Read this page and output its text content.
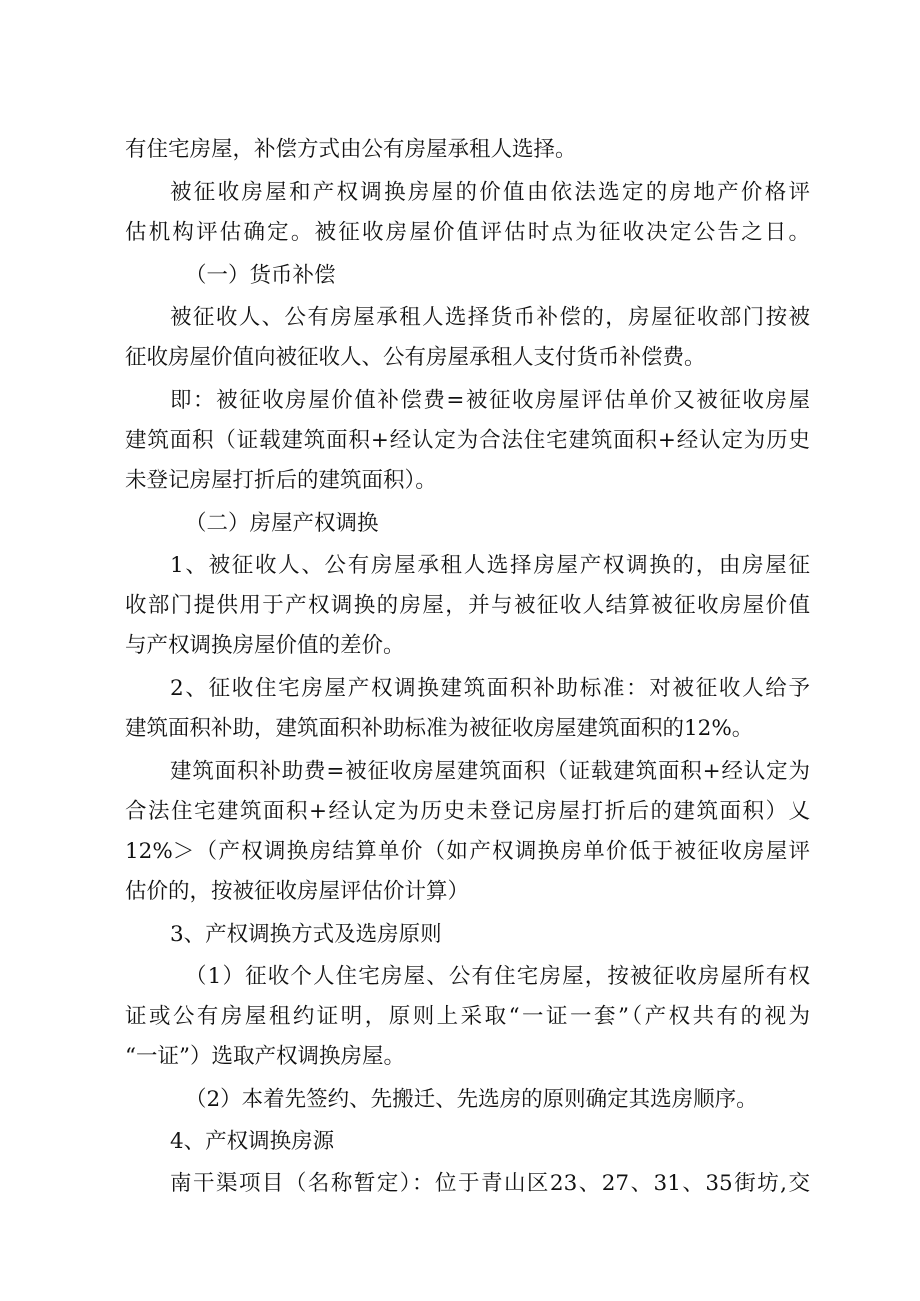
有住宅房屋，补偿方式由公有房屋承租人选择。
被征收房屋和产权调换房屋的价值由依法选定的房地产价格评
估机构评估确定。被征收房屋价值评估时点为征收决定公告之日。
（一）货币补偿
被征收人、公有房屋承租人选择货币补偿的，房屋征收部门按被
征收房屋价值向被征收人、公有房屋承租人支付货币补偿费。
即：被征收房屋价值补偿费=被征收房屋评估单价又被征收房屋
建筑面积（证载建筑面积+经认定为合法住宅建筑面积+经认定为历史
未登记房屋打折后的建筑面积）。
（二）房屋产权调换
1、被征收人、公有房屋承租人选择房屋产权调换的，由房屋征
收部门提供用于产权调换的房屋，并与被征收人结算被征收房屋价值
与产权调换房屋价值的差价。
2、征收住宅房屋产权调换建筑面积补助标准：对被征收人给予
建筑面积补助，建筑面积补助标准为被征收房屋建筑面积的12%。
建筑面积补助费=被征收房屋建筑面积（证载建筑面积+经认定为
合法住宅建筑面积+经认定为历史未登记房屋打折后的建筑面积）乂
12%＞（产权调换房结算单价（如产权调换房单价低于被征收房屋评
估价的，按被征收房屋评估价计算）
3、产权调换方式及选房原则
（1）征收个人住宅房屋、公有住宅房屋，按被征收房屋所有权
证或公有房屋租约证明，原则上采取“一证一套”（产权共有的视为
“一证”）选取产权调换房屋。
（2）本着先签约、先搬迁、先选房的原则确定其选房顺序。
4、产权调换房源
南干渠项目（名称暂定）：位于青山区23、27、31、35街坊,交
